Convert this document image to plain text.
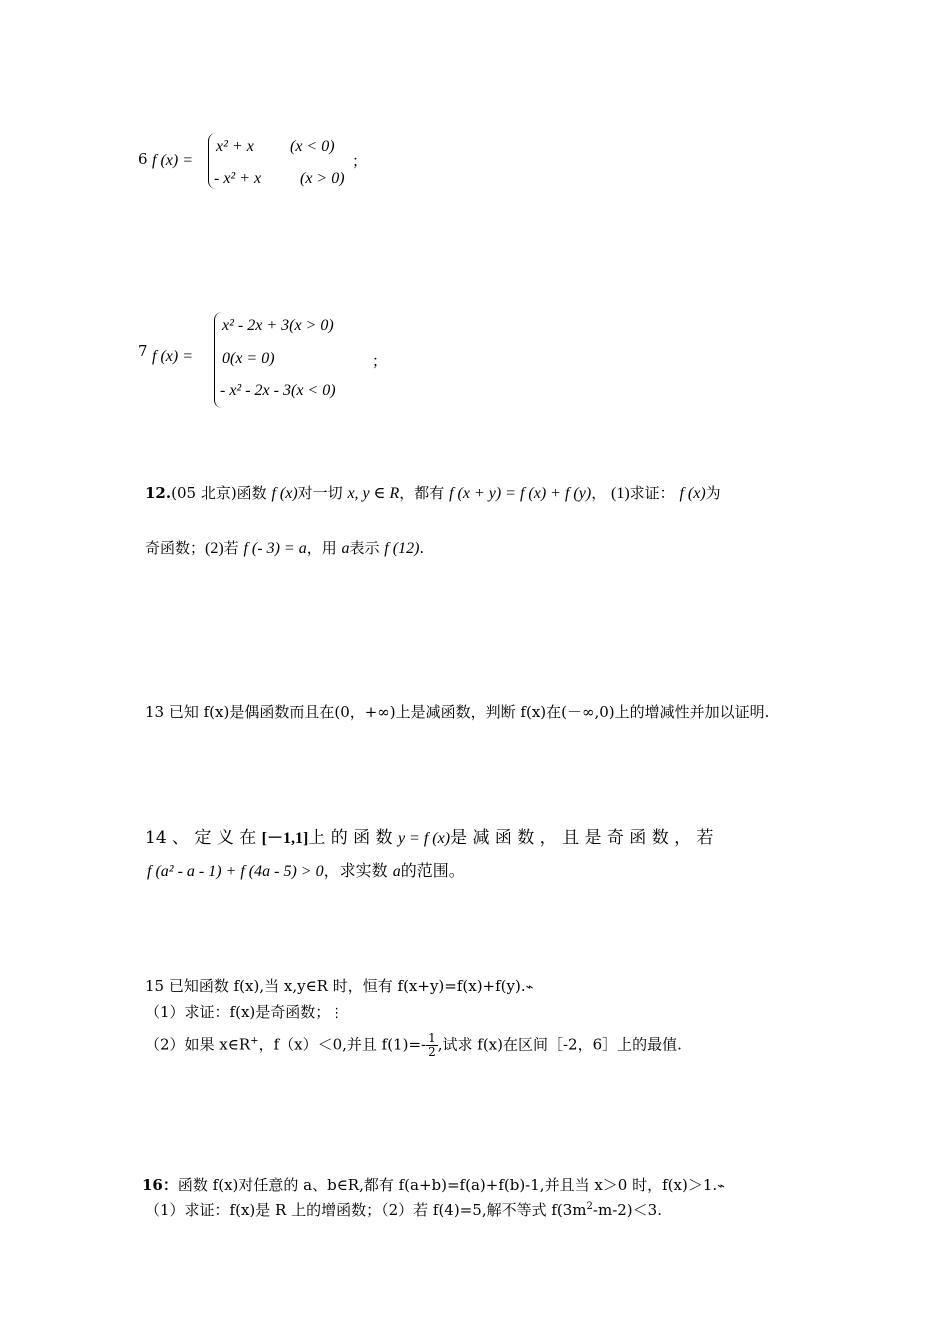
6 f (x) =
x² + x (x < 0)
- x² + x (x > 0)
；
7 f (x) =
x² - 2x + 3(x > 0)
0(x = 0)
- x² - 2x - 3(x < 0)
；
12.(05 北京)函数 f (x)对一切 x, y ∈ R，都有 f (x + y) = f (x) + f (y)， (1)求证： f (x)为
奇函数；(2)若 f (- 3) = a，用 a表示 f (12).
13 已知 f(x)是偶函数而且在(0，+∞)上是减函数，判断 f(x)在(－∞,0)上的增减性并加以证明.
14 、 定 义 在 [－1,1]上 的 函 数 y = f (x)是 减 函 数 ， 且 是 奇 函 数 ， 若
f (a² - a - 1) + f (4a - 5) > 0，求实数 a的范围。
15 已知函数 f(x),当 x,y∈R 时，恒有 f(x+y)=f(x)+f(y).⌁
（1）求证：f(x)是奇函数；⋮
（2）如果 x∈R+，f（x）＜0,并且 $f(1)=- \frac{1}{2}$ ,试求 f(x)在区间［-2，6］上的最值.
16：函数 f(x)对任意的 a、b∈R,都有 f(a+b)=f(a)+f(b)-1,并且当 x＞0 时，f(x)＞1.⌁
（1）求证：f(x)是 R 上的增函数；（2）若 f(4)=5,解不等式 $f(3m^2-m-2)<3$.
